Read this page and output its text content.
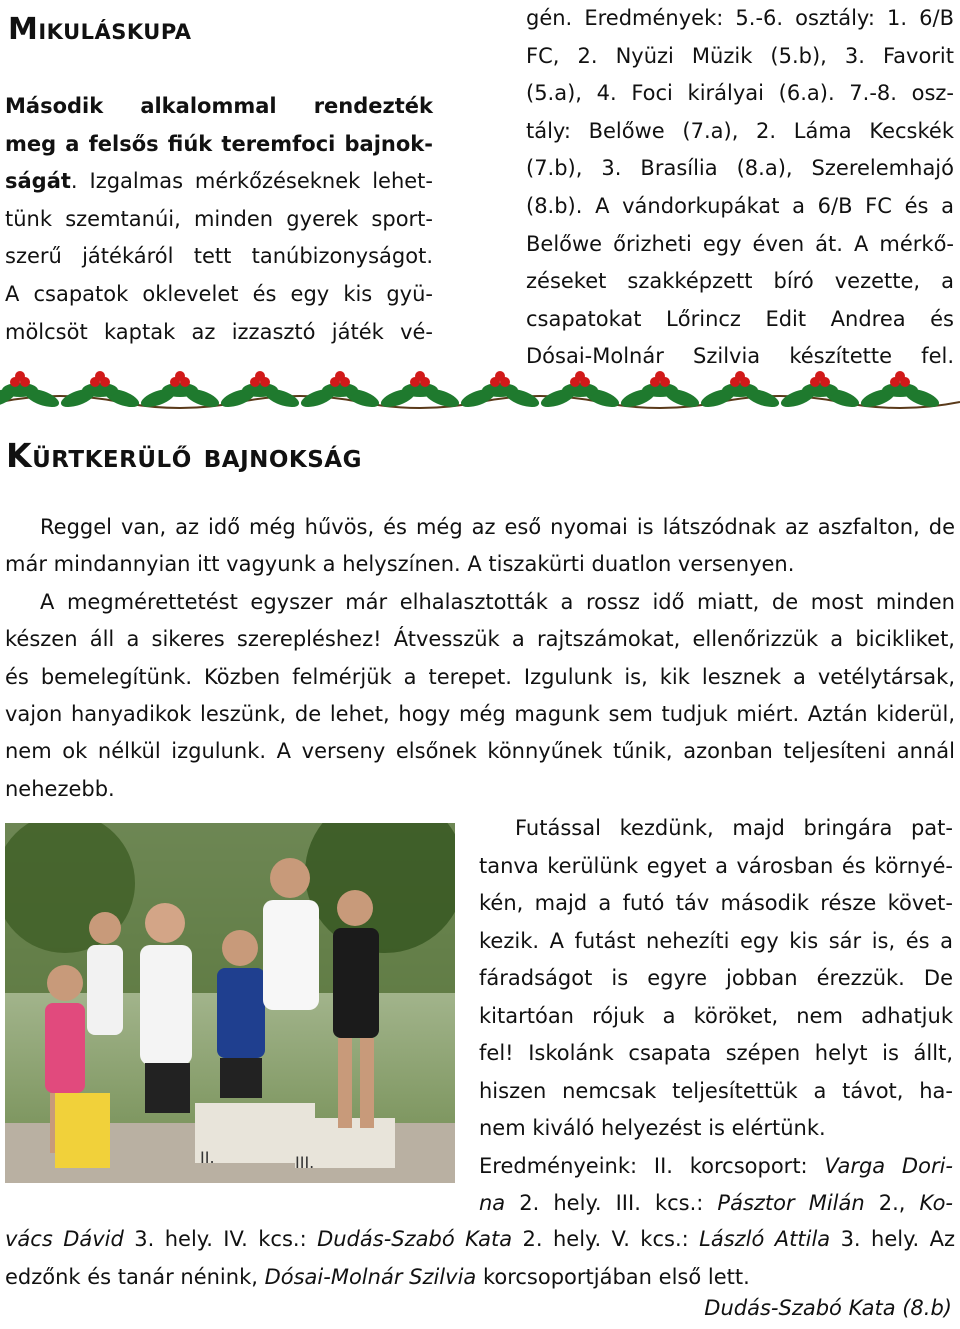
Mikuláskupa
Második alkalommal rendezték
meg a felsős fiúk teremfoci bajnok-
ságát. Izgalmas mérkőzéseknek lehet-
tünk szemtanúi, minden gyerek sport-
szerű játékáról tett tanúbizonyságot.
A csapatok oklevelet és egy kis gyü-
mölcsöt kaptak az izzasztó játék vé-
gén. Eredmények: 5.-6. osztály: 1. 6/B
FC, 2. Nyüzi Müzik (5.b), 3. Favorit
(5.a), 4. Foci királyai (6.a). 7.-8. osz-
tály: Belőwe (7.a), 2. Láma Kecskék
(7.b), 3. Brasília (8.a), Szerelemhajó
(8.b). A vándorkupákat a 6/B FC és a
Belőwe őrizheti egy éven át. A mérkő-
zéseket szakképzett bíró vezette, a
csapatokat Lőrincz Edit Andrea és
Dósai-Molnár Szilvia készítette fel.
Kürtkerülő bajnokság
Reggel van, az idő még hűvös, és még az eső nyomai is látszódnak az aszfalton, de
már mindannyian itt vagyunk a helyszínen. A tiszakürti duatlon versenyen.
A megmérettetést egyszer már elhalasztották a rossz idő miatt, de most minden
készen áll a sikeres szerepléshez! Átvesszük a rajtszámokat, ellenőrizzük a bicikliket,
és bemelegítünk. Közben felmérjük a terepet. Izgulunk is, kik lesznek a vetélytársak,
vajon hanyadikok leszünk, de lehet, hogy még magunk sem tudjuk miért. Aztán kiderül,
nem ok nélkül izgulunk. A verseny elsőnek könnyűnek tűnik, azonban teljesíteni annál
nehezebb.
II.	III.
Futással kezdünk, majd bringára pat-
tanva kerülünk egyet a városban és környé-
kén, majd a futó táv második része követ-
kezik. A futást nehezíti egy kis sár is, és a
fáradságot is egyre jobban érezzük. De
kitartóan rójuk a köröket, nem adhatjuk
fel! Iskolánk csapata szépen helyt is állt,
hiszen nemcsak teljesítettük a távot, ha-
nem kiváló helyezést is elértünk.
Eredményeink: II. korcsoport: Varga Dori-
na 2. hely. III. kcs.: Pásztor Milán 2., Ko-
vács Dávid 3. hely. IV. kcs.: Dudás-Szabó Kata 2. hely. V. kcs.: László Attila 3. hely. Az
edzőnk és tanár nénink, Dósai-Molnár Szilvia korcsoportjában első lett.
Dudás-Szabó Kata (8.b)
